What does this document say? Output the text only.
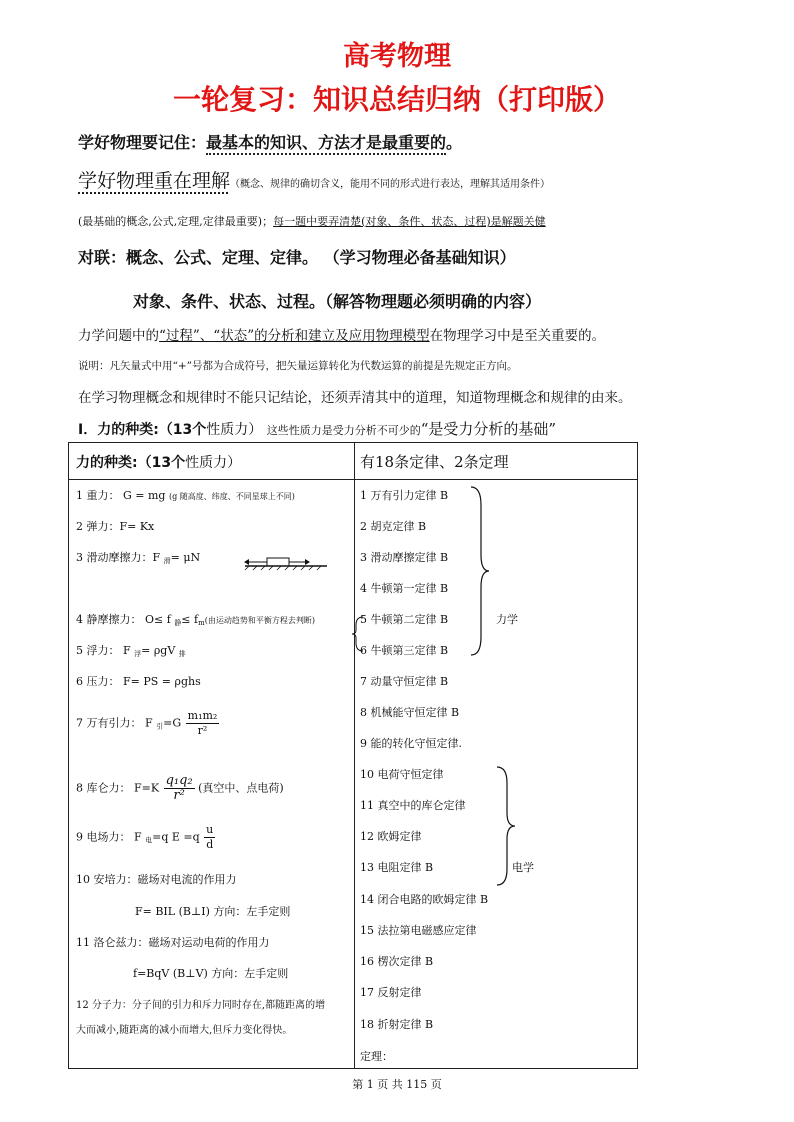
高考物理
一轮复习：知识总结归纳（打印版）
学好物理要记住：最基本的知识、方法才是最重要的。
学好物理重在理解（概念、规律的确切含义，能用不同的形式进行表达，理解其适用条件）
(最基础的概念,公式,定理,定律最重要)；每一题中要弄清楚(对象、条件、状态、过程)是解题关健
对联：概念、公式、定理、定律。 （学习物理必备基础知识）
对象、条件、状态、过程。（解答物理题必须明确的内容）
力学问题中的“过程”、“状态”的分析和建立及应用物理模型在物理学习中是至关重要的。
说明：凡矢量式中用“+”号都为合成符号，把矢量运算转化为代数运算的前提是先规定正方向。
在学习物理概念和规律时不能只记结论，还须弄清其中的道理，知道物理概念和规律的由来。
Ⅰ．力的种类:（13个性质力） 这些性质力是受力分析不可少的“是受力分析的基础”
力的种类:（13个性质力）	有18条定律、2条定理
1 重力： G = mg (g 随高度、纬度、不同星球上不同)
2 弹力：F= Kx
3 滑动摩擦力：F $_滑$= μN
4 静摩擦力： O≤ f $_静\le f_m$(由运动趋势和平衡方程去判断)
5 浮力： F $_浮$= ρgV $_排$
6 压力： F= PS = ρghs
7 万有引力： F $_引=G \frac{\text{m₁m₂}}{\text{r²}}$
8 库仑力： $F=K \frac{\text{q₁q₂}}{\text{r²}}$ (真空中、点电荷)
9 电场力： F $_电$=q $E =q \frac{u}{d}$
10 安培力：磁场对电流的作用力
F= BIL (B⊥I) 方向：左手定则
11 洛仑兹力：磁场对运动电荷的作用力
f=BqV (B⊥V) 方向：左手定则
12 分子力：分子间的引力和斥力同时存在,都随距离的增
大而减小,随距离的减小而增大,但斥力变化得快。
1 万有引力定律 B
2 胡克定律 B
3 滑动摩擦定律 B
4 牛顿第一定律 B
5 牛顿第二定律 B
6 牛顿第三定律 B
7 动量守恒定律 B
8 机械能守恒定律 B
9 能的转化守恒定律.
10 电荷守恒定律
11 真空中的库仑定律
12 欧姆定律
13 电阻定律 B
14 闭合电路的欧姆定律 B
15 法拉第电磁感应定律
16 楞次定律 B
17 反射定律
18 折射定律 B
定理：
力学
电学
第 1 页 共 115 页
